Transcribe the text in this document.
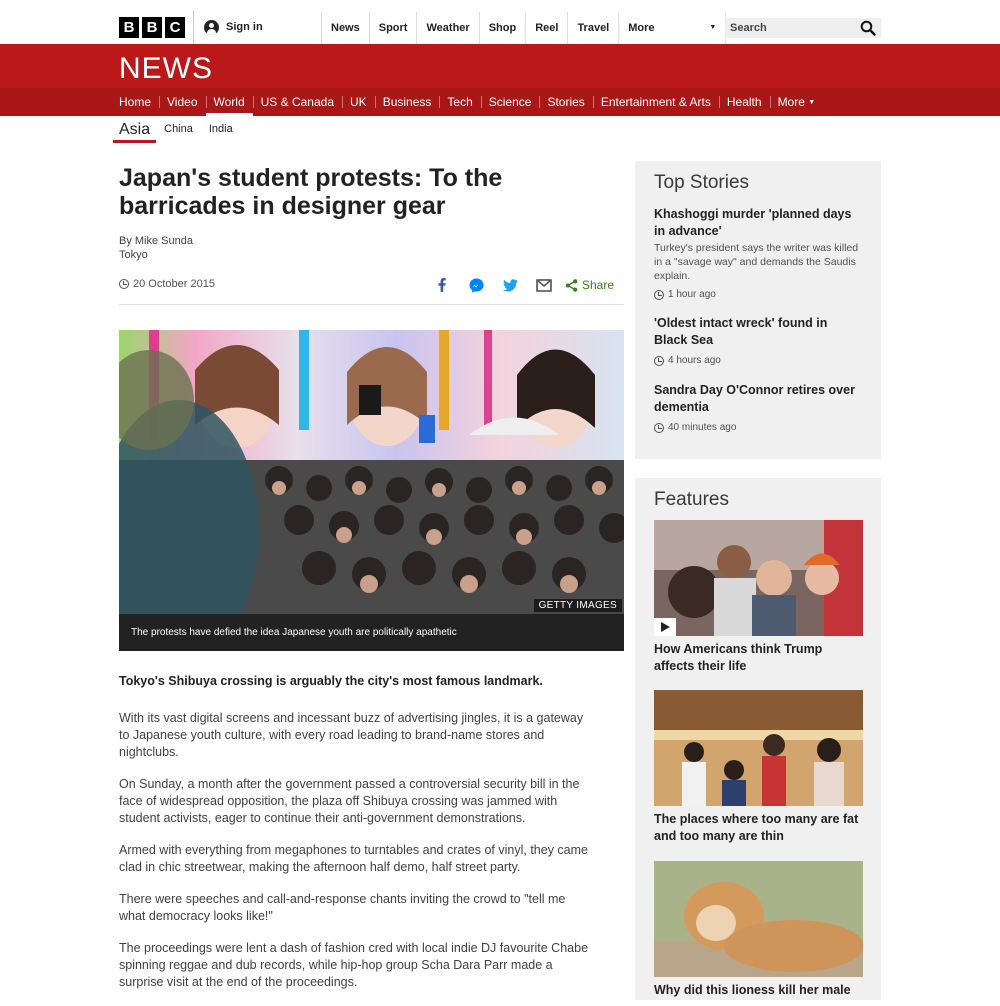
B B C	Sign in	News	Sport	Weather	Shop	Reel	Travel	More	▼
Search
NEWS
Home	Video	World	US & Canada	UK	Business	Tech	Science	Stories	Entertainment & Arts	Health	More ▼
Asia	China	India
Japan's student protests: To the barricades in designer gear
By Mike Sunda
Tokyo
20 October 2015	Share
GETTY IMAGES
The protests have defied the idea Japanese youth are politically apathetic

Tokyo's Shibuya crossing is arguably the city's most famous landmark.

With its vast digital screens and incessant buzz of advertising jingles, it is a gateway to Japanese youth culture, with every road leading to brand-name stores and nightclubs.

On Sunday, a month after the government passed a controversial security bill in the face of widespread opposition, the plaza off Shibuya crossing was jammed with student activists, eager to continue their anti-government demonstrations.

Armed with everything from megaphones to turntables and crates of vinyl, they came clad in chic streetwear, making the afternoon half demo, half street party.

There were speeches and call-and-response chants inviting the crowd to "tell me what democracy looks like!"

The proceedings were lent a dash of fashion cred with local indie DJ favourite Chabe spinning reggae and dub records, while hip-hop group Scha Dara Parr made a surprise visit at the end of the proceedings.

Top Stories
Khashoggi murder 'planned days in advance'
Turkey's president says the writer was killed in a "savage way" and demands the Saudis explain.
1 hour ago
'Oldest intact wreck' found in Black Sea
4 hours ago
Sandra Day O'Connor retires over dementia
40 minutes ago
Features
How Americans think Trump affects their life
The places where too many are fat and too many are thin
Why did this lioness kill her male
